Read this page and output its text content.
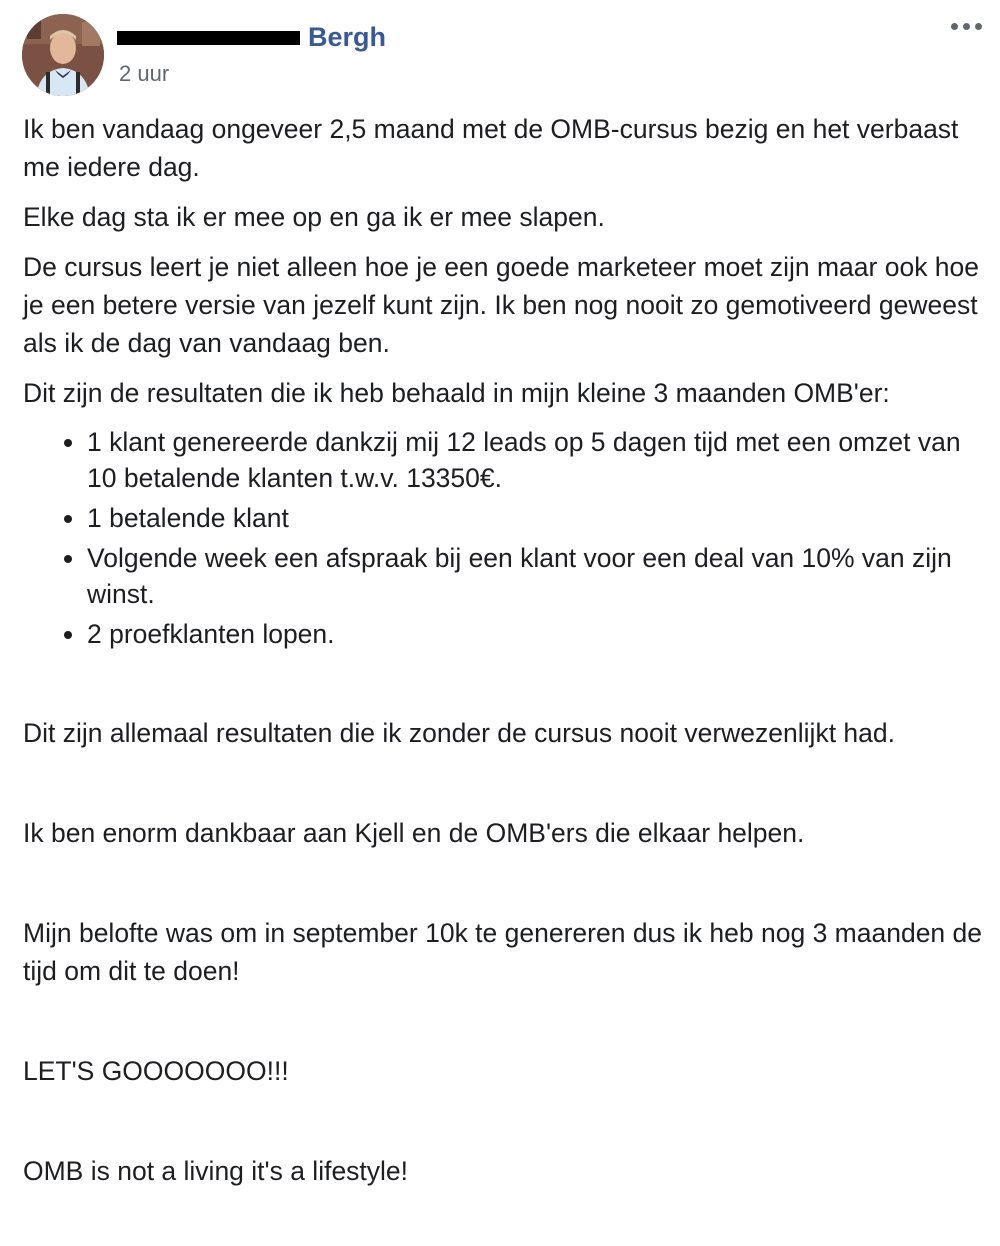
Bergh
2 uur

Ik ben vandaag ongeveer 2,5 maand met de OMB-cursus bezig en het verbaast me iedere dag.

Elke dag sta ik er mee op en ga ik er mee slapen.

De cursus leert je niet alleen hoe je een goede marketeer moet zijn maar ook hoe je een betere versie van jezelf kunt zijn. Ik ben nog nooit zo gemotiveerd geweest als ik de dag van vandaag ben.

Dit zijn de resultaten die ik heb behaald in mijn kleine 3 maanden OMB'er:

• 1 klant genereerde dankzij mij 12 leads op 5 dagen tijd met een omzet van 10 betalende klanten t.w.v. 13350€.
• 1 betalende klant
• Volgende week een afspraak bij een klant voor een deal van 10% van zijn winst.
• 2 proefklanten lopen.

Dit zijn allemaal resultaten die ik zonder de cursus nooit verwezenlijkt had.

Ik ben enorm dankbaar aan Kjell en de OMB'ers die elkaar helpen.

Mijn belofte was om in september 10k te genereren dus ik heb nog 3 maanden de tijd om dit te doen!

LET'S GOOOOOOO!!!

OMB is not a living it's a lifestyle!
